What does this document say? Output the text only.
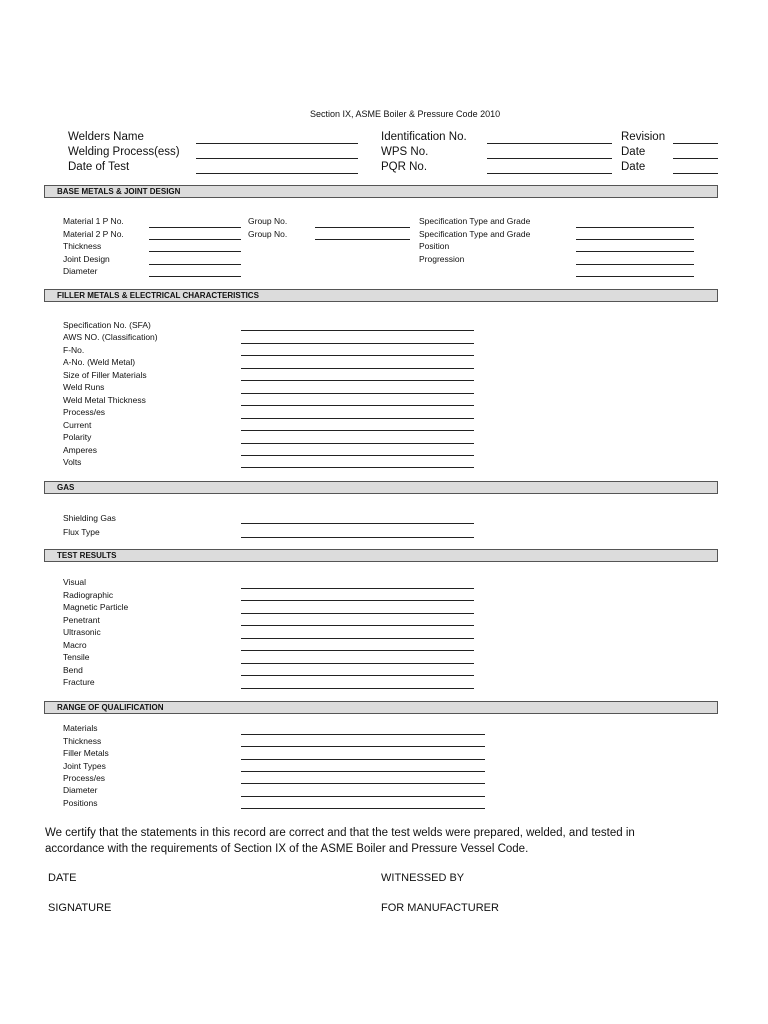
Section IX, ASME Boiler & Pressure Code 2010
Welders Name
Welding Process(ess)
Date of Test
Identification No.
WPS No.
PQR No.
Revision
Date
Date
BASE METALS & JOINT DESIGN
Material 1 P No.
Material 2 P No.
Thickness
Joint Design
Diameter
Group No.
Group No.
Specification Type and Grade
Specification Type and Grade
Position
Progression
FILLER METALS & ELECTRICAL CHARACTERISTICS
Specification No. (SFA)
AWS NO. (Classification)
F-No.
A-No. (Weld Metal)
Size of Filler Materials
Weld Runs
Weld Metal Thickness
Process/es
Current
Polarity
Amperes
Volts
GAS
Shielding Gas
Flux Type
TEST RESULTS
Visual
Radiographic
Magnetic Particle
Penetrant
Ultrasonic
Macro
Tensile
Bend
Fracture
RANGE OF QUALIFICATION
Materials
Thickness
Filler Metals
Joint Types
Process/es
Diameter
Positions
We certify that the statements in this record are correct and that the test welds were prepared, welded, and tested in accordance with the requirements of Section IX of the ASME Boiler and Pressure Vessel Code.
DATE	WITNESSED BY
SIGNATURE	FOR MANUFACTURER
